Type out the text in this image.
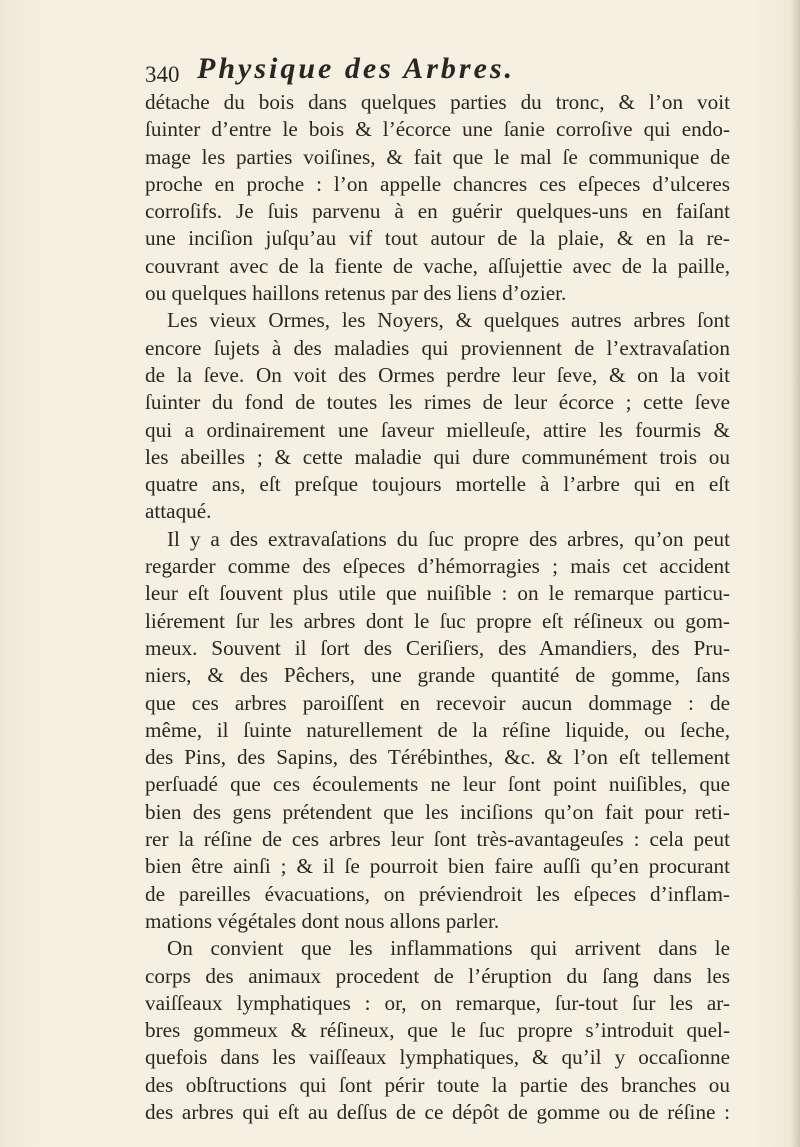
340 Physique des Arbres.
détache du bois dans quelques parties du tronc, & l’on voit
ſuinter d’entre le bois & l’écorce une ſanie corroſive qui endo-
mage les parties voiſines, & fait que le mal ſe communique de
proche en proche : l’on appelle chancres ces eſpeces d’ulceres
corroſifs. Je ſuis parvenu à en guérir quelques-uns en faiſant
une inciſion juſqu’au vif tout autour de la plaie, & en la re-
couvrant avec de la fiente de vache, aſſujettie avec de la paille,
ou quelques haillons retenus par des liens d’ozier.
Les vieux Ormes, les Noyers, & quelques autres arbres ſont
encore ſujets à des maladies qui proviennent de l’extravaſation
de la ſeve. On voit des Ormes perdre leur ſeve, & on la voit
ſuinter du fond de toutes les rimes de leur écorce ; cette ſeve
qui a ordinairement une ſaveur mielleuſe, attire les fourmis &
les abeilles ; & cette maladie qui dure communément trois ou
quatre ans, eſt preſque toujours mortelle à l’arbre qui en eſt
attaqué.
Il y a des extravaſations du ſuc propre des arbres, qu’on peut
regarder comme des eſpeces d’hémorragies ; mais cet accident
leur eſt ſouvent plus utile que nuiſible : on le remarque particu-
liérement ſur les arbres dont le ſuc propre eſt réſineux ou gom-
meux. Souvent il ſort des Ceriſiers, des Amandiers, des Pru-
niers, & des Pêchers, une grande quantité de gomme, ſans
que ces arbres paroiſſent en recevoir aucun dommage : de
même, il ſuinte naturellement de la réſine liquide, ou ſeche,
des Pins, des Sapins, des Térébinthes, &c. & l’on eſt tellement
perſuadé que ces écoulements ne leur ſont point nuiſibles, que
bien des gens prétendent que les inciſions qu’on fait pour reti-
rer la réſine de ces arbres leur ſont très-avantageuſes : cela peut
bien être ainſi ; & il ſe pourroit bien faire auſſi qu’en procurant
de pareilles évacuations, on préviendroit les eſpeces d’inflam-
mations végétales dont nous allons parler.
On convient que les inflammations qui arrivent dans le
corps des animaux procedent de l’éruption du ſang dans les
vaiſſeaux lymphatiques : or, on remarque, ſur-tout ſur les ar-
bres gommeux & réſineux, que le ſuc propre s’introduit quel-
quefois dans les vaiſſeaux lymphatiques, & qu’il y occaſionne
des obſtructions qui ſont périr toute la partie des branches ou
des arbres qui eſt au deſſus de ce dépôt de gomme ou de réſine :
